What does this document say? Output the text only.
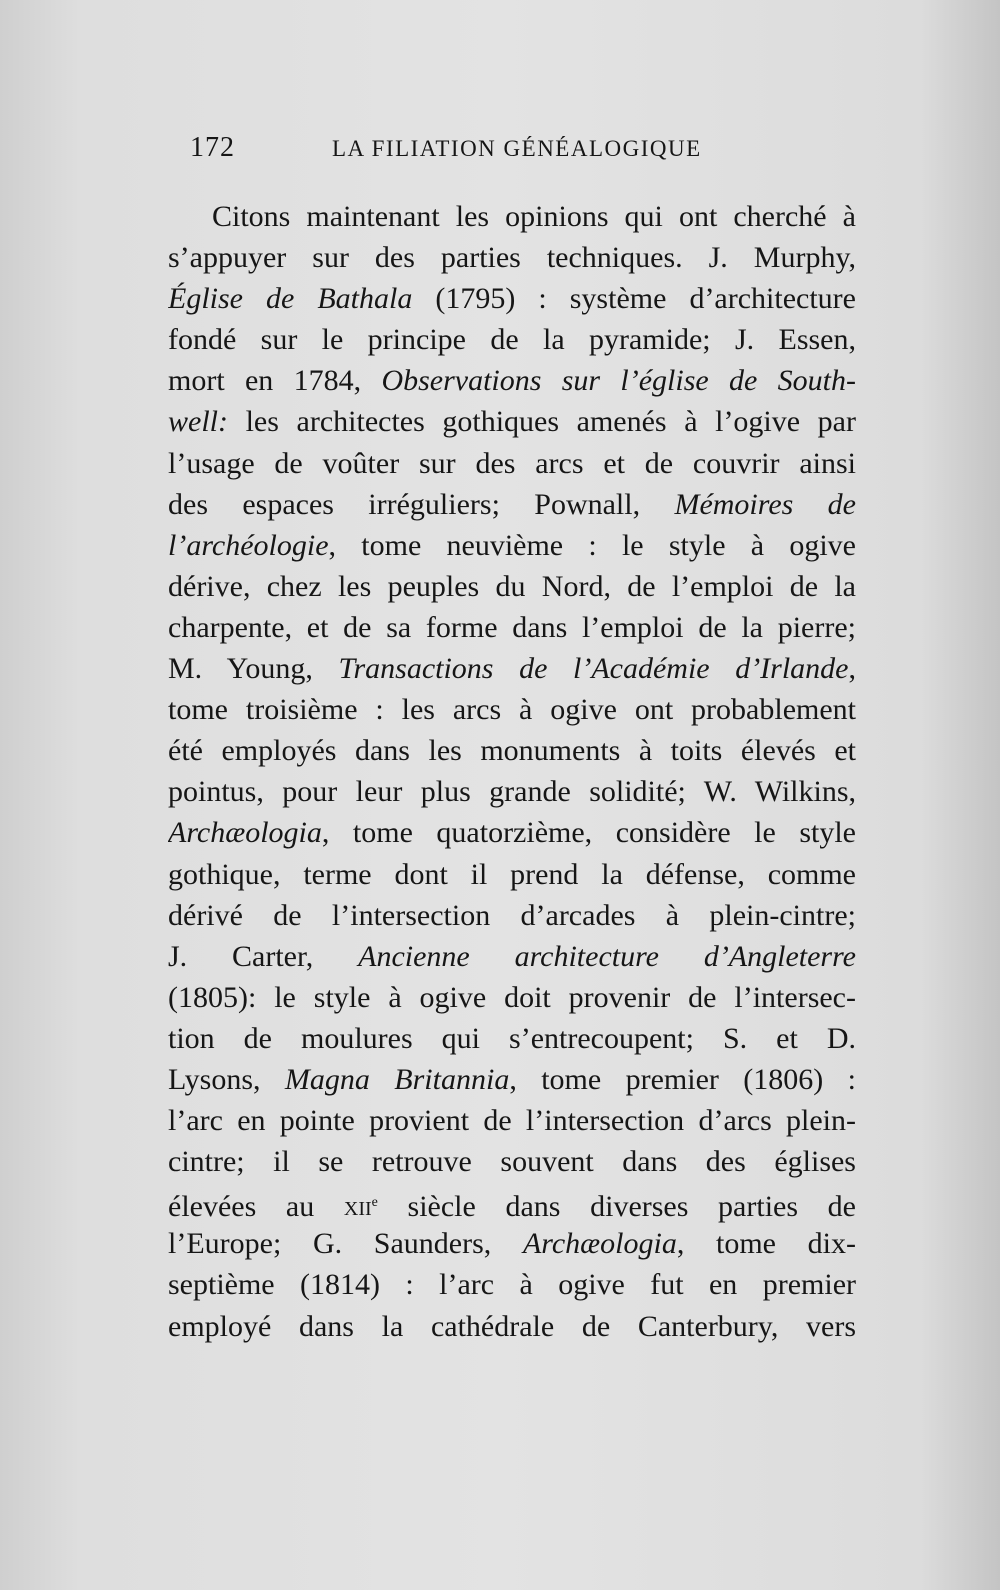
172	LA FILIATION GÉNÉALOGIQUE
Citons maintenant les opinions qui ont cherché à
s’appuyer sur des parties techniques. J. Murphy,
Église de Bathala (1795) : système d’architecture
fondé sur le principe de la pyramide; J. Essen,
mort en 1784, Observations sur l’église de South-
well: les architectes gothiques amenés à l’ogive par
l’usage de voûter sur des arcs et de couvrir ainsi
des espaces irréguliers; Pownall, Mémoires de
l’archéologie, tome neuvième : le style à ogive
dérive, chez les peuples du Nord, de l’emploi de la
charpente, et de sa forme dans l’emploi de la pierre;
M. Young, Transactions de l’Académie d’Irlande,
tome troisième : les arcs à ogive ont probablement
été employés dans les monuments à toits élevés et
pointus, pour leur plus grande solidité; W. Wilkins,
Archæologia, tome quatorzième, considère le style
gothique, terme dont il prend la défense, comme
dérivé de l’intersection d’arcades à plein-cintre;
J. Carter, Ancienne architecture d’Angleterre
(1805): le style à ogive doit provenir de l’intersec-
tion de moulures qui s’entrecoupent; S. et D.
Lysons, Magna Britannia, tome premier (1806) :
l’arc en pointe provient de l’intersection d’arcs plein-
cintre; il se retrouve souvent dans des églises
élevées au XIIe siècle dans diverses parties de
l’Europe; G. Saunders, Archæologia, tome dix-
septième (1814) : l’arc à ogive fut en premier
employé dans la cathédrale de Canterbury, vers
